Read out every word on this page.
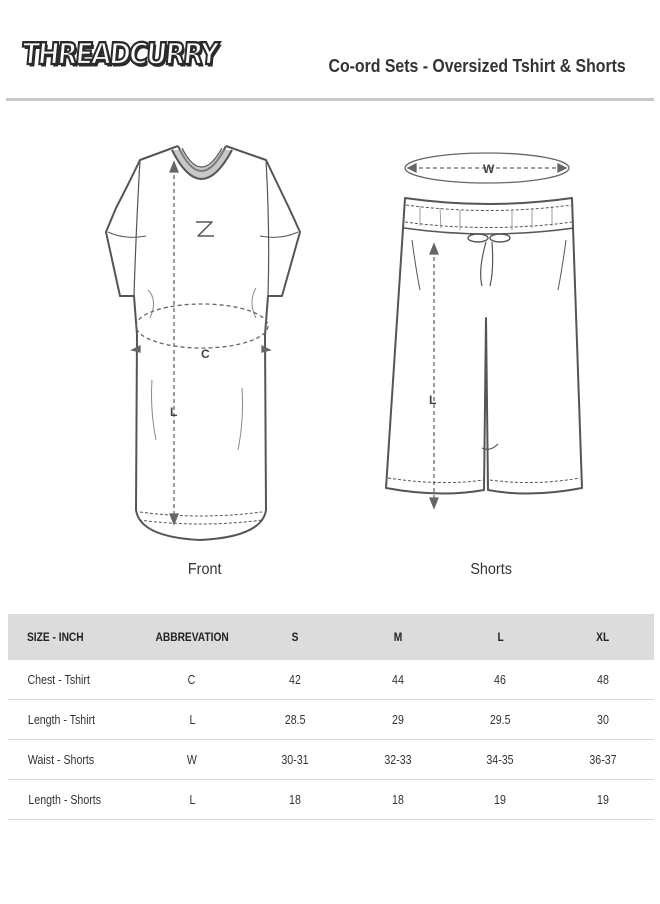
THREADCURRY	Co-ord Sets - Oversized Tshirt & Shorts
C
L
W
L
Front	Shorts
SIZE - INCH	ABBREVATION	S	M	L	XL
Chest - Tshirt	C	42	44	46	48
Length - Tshirt	L	28.5	29	29.5	30
Waist - Shorts	W	30-31	32-33	34-35	36-37
Length - Shorts	L	18	18	19	19
